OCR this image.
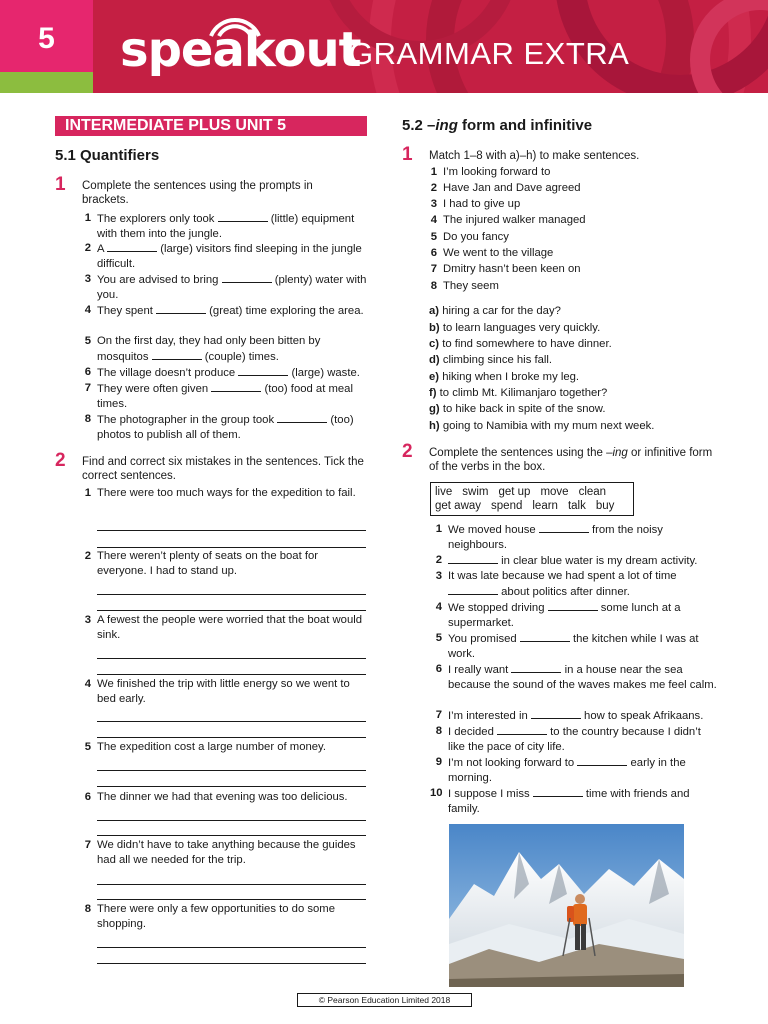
5	speakout
GRAMMAR EXTRA
INTERMEDIATE PLUS UNIT 5
5.1 Quantifiers
1 Complete the sentences using the prompts in brackets.
1 The explorers only took	(little) equipment with them into the jungle.
2 A	(large) visitors find sleeping in the jungle difficult.
3 You are advised to bring	(plenty) water with you.
4 They spent	(great) time exploring the area.
5 On the first day, they had only been bitten by mosquitos	(couple) times.
6 The village doesn’t produce	(large) waste.
7 They were often given	(too) food at meal times.
8 The photographer in the group took	(too) photos to publish all of them.
2 Find and correct six mistakes in the sentences. Tick the correct sentences.
1 There were too much ways for the expedition to fail.
2 There weren’t plenty of seats on the boat for everyone. I had to stand up.
3 A fewest the people were worried that the boat would sink.
4 We finished the trip with little energy so we went to bed early.
5 The expedition cost a large number of money.
6 The dinner we had that evening was too delicious.
7 We didn’t have to take anything because the guides had all we needed for the trip.
8 There were only a few opportunities to do some shopping.
5.2 –ing form and infinitive
1 Match 1–8 with a)–h) to make sentences.
1 I’m looking forward to
2 Have Jan and Dave agreed
3 I had to give up
4 The injured walker managed
5 Do you fancy
6 We went to the village
7 Dmitry hasn’t been keen on
8 They seem
a) hiring a car for the day?
b) to learn languages very quickly.
c) to find somewhere to have dinner.
d) climbing since his fall.
e) hiking when I broke my leg.
f) to climb Mt. Kilimanjaro together?
g) to hike back in spite of the snow.
h) going to Namibia with my mum next week.
2 Complete the sentences using the –ing or infinitive form of the verbs in the box.
live swim get up move clean
get away spend learn talk buy
1 We moved house	from the noisy neighbours.
2	in clear blue water is my dream activity.
3 It was late because we had spent a lot of time  about politics after dinner.
4 We stopped driving	some lunch at a supermarket.
5 You promised	the kitchen while I was at work.
6 I really want	in a house near the sea because the sound of the waves makes me feel calm.
7 I’m interested in	how to speak Afrikaans.
8 I decided	to the country because I didn’t like the pace of city life.
9 I’m not looking forward to	early in the morning.
10 I suppose I miss	time with friends and family.
© Pearson Education Limited 2018
